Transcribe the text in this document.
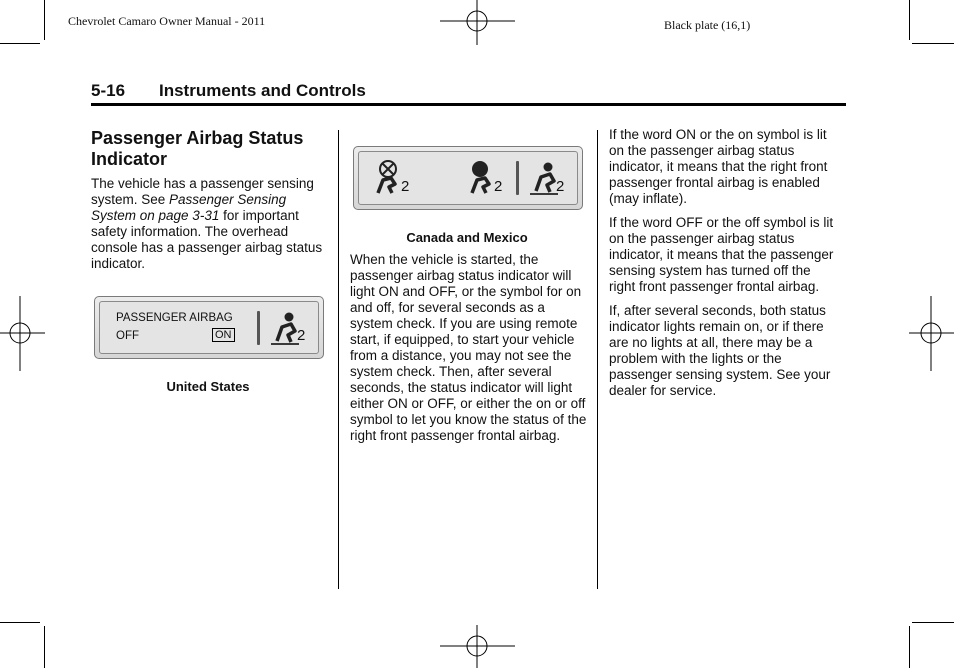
Chevrolet Camaro Owner Manual - 2011	Black plate (16,1)
5-16 Instruments and Controls
Passenger Airbag Status Indicator
The vehicle has a passenger sensing system. See Passenger Sensing System on page 3-31 for important safety information. The overhead console has a passenger airbag status indicator.
PASSENGER AIRBAG
OFF	ON	2
United States
2	2	2
Canada and Mexico
When the vehicle is started, the passenger airbag status indicator will light ON and OFF, or the symbol for on and off, for several seconds as a system check. If you are using remote start, if equipped, to start your vehicle from a distance, you may not see the system check. Then, after several seconds, the status indicator will light either ON or OFF, or either the on or off symbol to let you know the status of the right front passenger frontal airbag.

If the word ON or the on symbol is lit on the passenger airbag status indicator, it means that the right front passenger frontal airbag is enabled (may inflate).

If the word OFF or the off symbol is lit on the passenger airbag status indicator, it means that the passenger sensing system has turned off the right front passenger frontal airbag.

If, after several seconds, both status indicator lights remain on, or if there are no lights at all, there may be a problem with the lights or the passenger sensing system. See your dealer for service.
